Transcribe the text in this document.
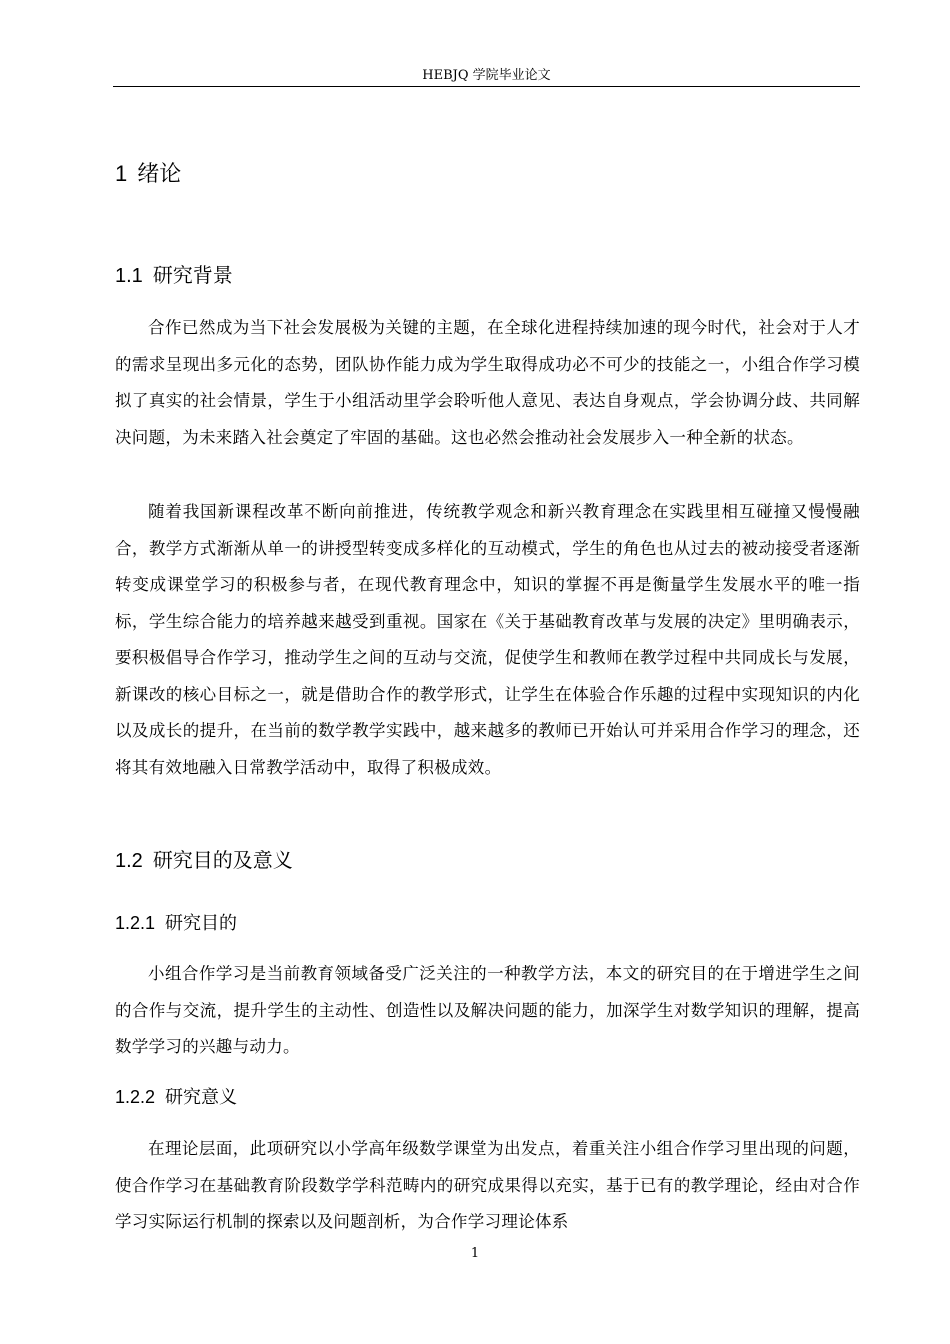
HEBJQ 学院毕业论文
1 绪论
1.1 研究背景

合作已然成为当下社会发展极为关键的主题，在全球化进程持续加速的现今时代，社会对于人才的需求呈现出多元化的态势，团队协作能力成为学生取得成功必不可少的技能之一，小组合作学习模拟了真实的社会情景，学生于小组活动里学会聆听他人意见、表达自身观点，学会协调分歧、共同解决问题，为未来踏入社会奠定了牢固的基础。这也必然会推动社会发展步入一种全新的状态。

随着我国新课程改革不断向前推进，传统教学观念和新兴教育理念在实践里相互碰撞又慢慢融合，教学方式渐渐从单一的讲授型转变成多样化的互动模式，学生的角色也从过去的被动接受者逐渐转变成课堂学习的积极参与者，在现代教育理念中，知识的掌握不再是衡量学生发展水平的唯一指标，学生综合能力的培养越来越受到重视。国家在《关于基础教育改革与发展的决定》里明确表示，要积极倡导合作学习，推动学生之间的互动与交流，促使学生和教师在教学过程中共同成长与发展，新课改的核心目标之一，就是借助合作的教学形式，让学生在体验合作乐趣的过程中实现知识的内化以及成长的提升，在当前的数学教学实践中，越来越多的教师已开始认可并采用合作学习的理念，还将其有效地融入日常教学活动中，取得了积极成效。

1.2 研究目的及意义
1.2.1 研究目的

小组合作学习是当前教育领域备受广泛关注的一种教学方法，本文的研究目的在于增进学生之间的合作与交流，提升学生的主动性、创造性以及解决问题的能力，加深学生对数学知识的理解，提高数学学习的兴趣与动力。

1.2.2 研究意义

在理论层面，此项研究以小学高年级数学课堂为出发点，着重关注小组合作学习里出现的问题，使合作学习在基础教育阶段数学学科范畴内的研究成果得以充实，基于已有的教学理论，经由对合作学习实际运行机制的探索以及问题剖析，为合作学习理论体系

1
